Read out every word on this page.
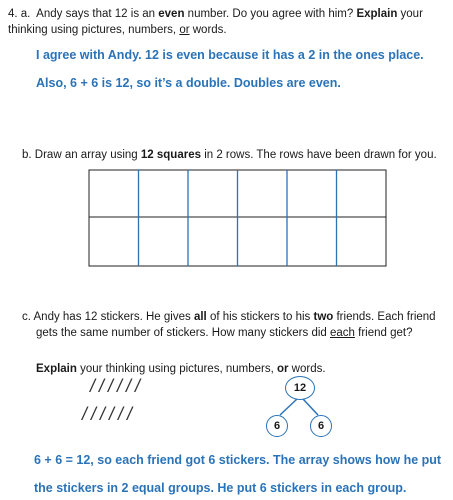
4. a. Andy says that 12 is an even number. Do you agree with him? Explain your
thinking using pictures, numbers, or words.
I agree with Andy. 12 is even because it has a 2 in the ones place.
Also, 6 + 6 is 12, so it’s a double. Doubles are even.
b. Draw an array using 12 squares in 2 rows. The rows have been drawn for you.
c. Andy has 12 stickers. He gives all of his stickers to his two friends. Each friend
gets the same number of stickers. How many stickers did each friend get?
Explain your thinking using pictures, numbers, or words.
//////
//////
12
6	6
6 + 6 = 12, so each friend got 6 stickers. The array shows how he put
the stickers in 2 equal groups. He put 6 stickers in each group.
